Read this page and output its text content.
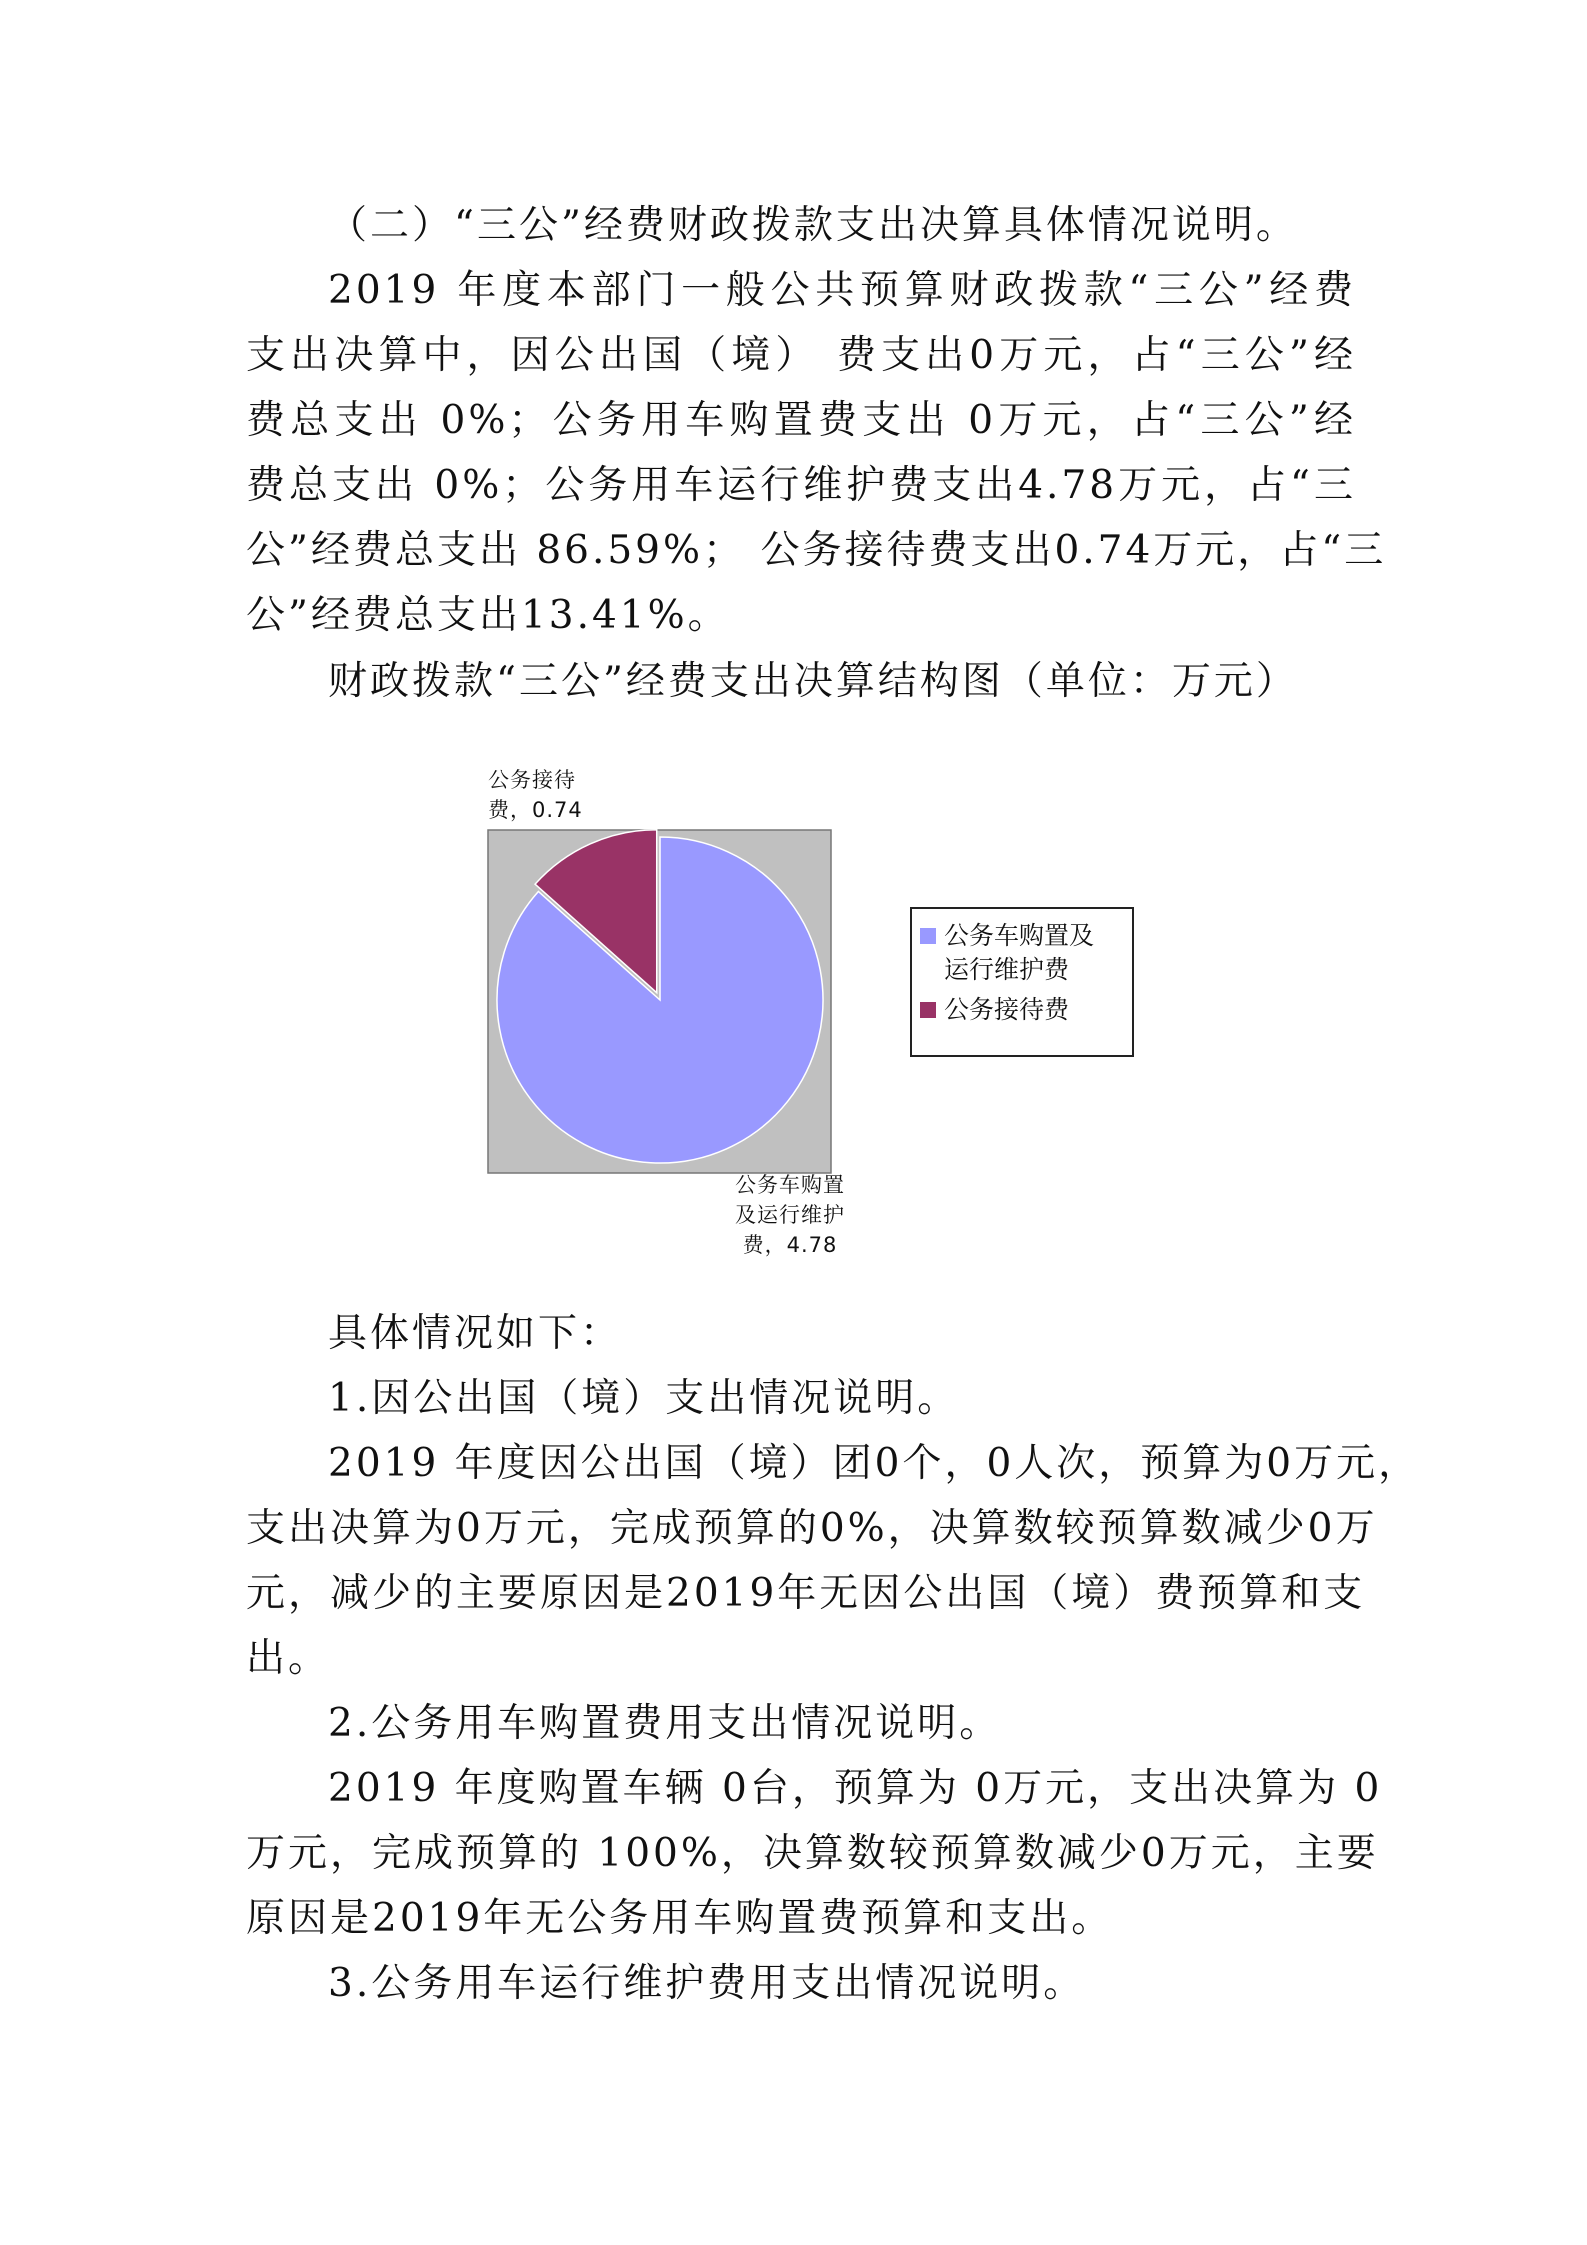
（二）“三公”经费财政拨款支出决算具体情况说明。
2019 年度本部门一般公共预算财政拨款“三公”经费
支出决算中，因公出国（境） 费支出0万元，占“三公”经
费总支出 0%；公务用车购置费支出 0万元，占“三公”经
费总支出 0%；公务用车运行维护费支出4.78万元，占“三
公”经费总支出 86.59%； 公务接待费支出0.74万元，占“三
公”经费总支出13.41%。
财政拨款“三公”经费支出决算结构图（单位：万元）
公务接待
费，0.74
公务车购置
及运行维护
费，4.78
公务车购置及
运行维护费
公务接待费
具体情况如下：
1.因公出国（境）支出情况说明。
2019 年度因公出国（境）团0个，0人次，预算为0万元，
支出决算为0万元，完成预算的0%，决算数较预算数减少0万
元，减少的主要原因是2019年无因公出国（境）费预算和支
出。
2.公务用车购置费用支出情况说明。
2019 年度购置车辆 0台，预算为 0万元，支出决算为 0
万元，完成预算的 100%，决算数较预算数减少0万元，主要
原因是2019年无公务用车购置费预算和支出。
3.公务用车运行维护费用支出情况说明。
